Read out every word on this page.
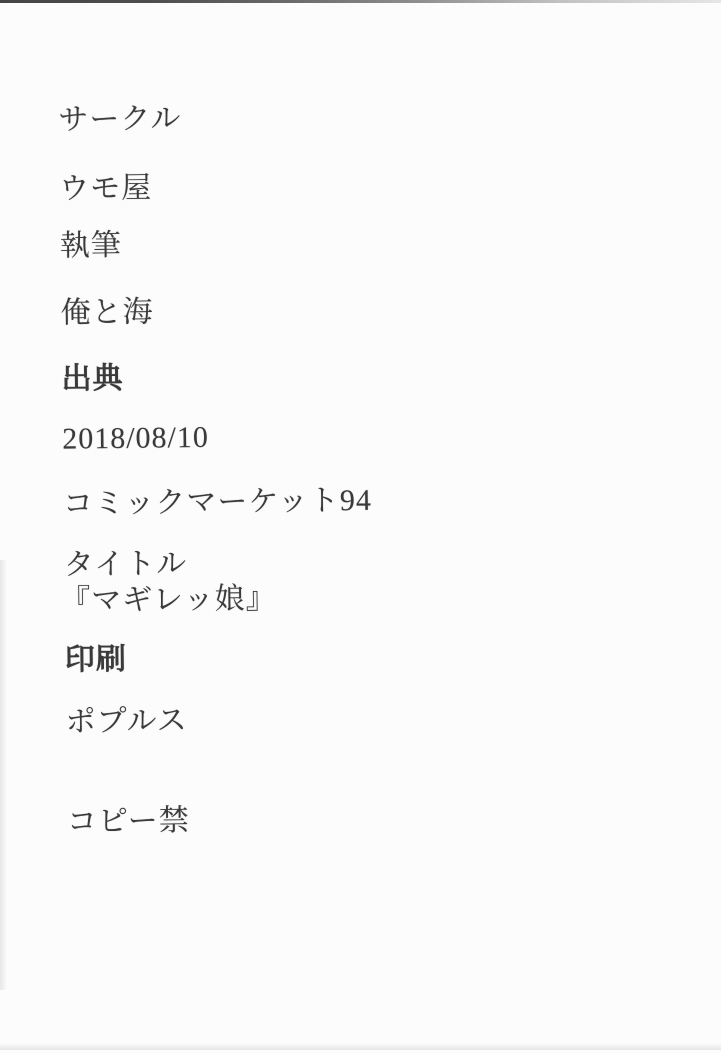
サークル
ウモ屋
執筆
俺と海
出典
2018/08/10
コミックマーケット94
タイトル
『マギレッ娘』
印刷
ポプルス
コピー禁
